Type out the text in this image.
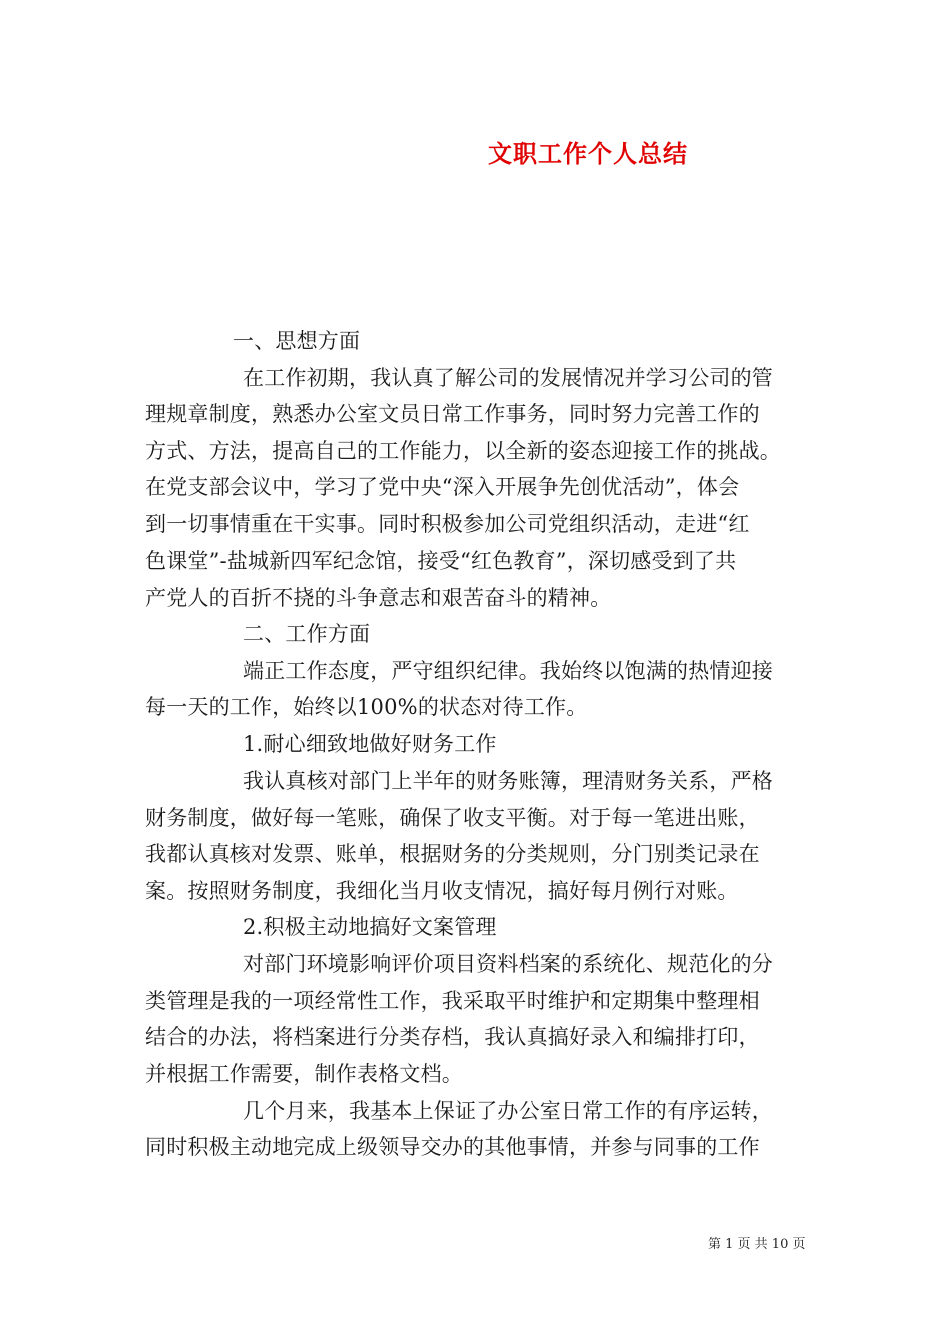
文职工作个人总结
一、思想方面
在工作初期，我认真了解公司的发展情况并学习公司的管
理规章制度，熟悉办公室文员日常工作事务，同时努力完善工作的
方式、方法，提高自己的工作能力，以全新的姿态迎接工作的挑战。
在党支部会议中，学习了党中央“深入开展争先创优活动”，体会
到一切事情重在干实事。同时积极参加公司党组织活动，走进“红
色课堂”-盐城新四军纪念馆，接受“红色教育”，深切感受到了共
产党人的百折不挠的斗争意志和艰苦奋斗的精神。
二、工作方面
端正工作态度，严守组织纪律。我始终以饱满的热情迎接
每一天的工作，始终以100%的状态对待工作。
1.耐心细致地做好财务工作
我认真核对部门上半年的财务账簿，理清财务关系，严格
财务制度，做好每一笔账，确保了收支平衡。对于每一笔进出账，
我都认真核对发票、账单，根据财务的分类规则，分门别类记录在
案。按照财务制度，我细化当月收支情况，搞好每月例行对账。
2.积极主动地搞好文案管理
对部门环境影响评价项目资料档案的系统化、规范化的分
类管理是我的一项经常性工作，我采取平时维护和定期集中整理相
结合的办法，将档案进行分类存档，我认真搞好录入和编排打印，
并根据工作需要，制作表格文档。
几个月来，我基本上保证了办公室日常工作的有序运转，
同时积极主动地完成上级领导交办的其他事情，并参与同事的工作
第 1 页 共 10 页
